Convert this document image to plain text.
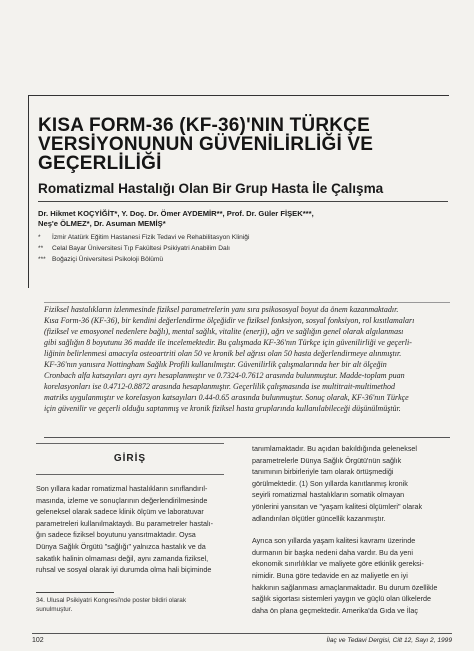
KISA FORM-36 (KF-36)'NIN TÜRKÇE
VERSİYONUNUN GÜVENİLİRLİĞİ VE
GEÇERLİLİĞİ
Romatizmal Hastalığı Olan Bir Grup Hasta İle Çalışma
Dr. Hikmet KOÇYİĞİT*, Y. Doç. Dr. Ömer AYDEMİR**, Prof. Dr. Güler FİŞEK***,
Neş'e ÖLMEZ*, Dr. Asuman MEMİŞ*
* İzmir Atatürk Eğitim Hastanesi Fizik Tedavi ve Rehabilitasyon Kliniği
** Celal Bayar Üniversitesi Tıp Fakültesi Psikiyatri Anabilim Dalı
*** Boğaziçi Üniversitesi Psikoloji Bölümü
Fiziksel hastalıkların izlenmesinde fiziksel parametrelerin yanı sıra psikososyal boyut da önem kazanmaktadır.
Kısa Form-36 (KF-36), bir kendini değerlendirme ölçeğidir ve fiziksel fonksiyon, sosyal fonksiyon, rol kısıtlamaları
(fiziksel ve emosyonel nedenlere bağlı), mental sağlık, vitalite (enerji), ağrı ve sağlığın genel olarak algılanması
gibi sağlığın 8 boyutunu 36 madde ile incelemektedir. Bu çalışmada KF-36'nın Türkçe için güvenilirliği ve geçerli-
liğinin belirlenmesi amacıyla osteoartriti olan 50 ve kronik bel ağrısı olan 50 hasta değerlendirmeye alınmıştır.
KF-36'nın yanısıra Nottingham Sağlık Profili kullanılmıştır. Güvenilirlik çalışmalarında her bir alt ölçeğin
Cronbach alfa katsayıları ayrı ayrı hesaplanmıştır ve 0.7324-0.7612 arasında bulunmuştur. Madde-toplam puan
korelasyonları ise 0.4712-0.8872 arasında hesaplanmıştır. Geçerlilik çalışmasında ise multitrait-multimethod
matriks uygulanmıştır ve korelasyon katsayıları 0.44-0.65 arasında bulunmuştur. Sonuç olarak, KF-36'nın Türkçe
için güvenilir ve geçerli olduğu saptanmış ve kronik fiziksel hasta gruplarında kullanılabileceği düşünülmüştür.
GİRİŞ
Son yıllara kadar romatizmal hastalıkların sınıflandırıl-
masında, izleme ve sonuçlarının değerlendirilmesinde
geleneksel olarak sadece klinik ölçüm ve laboratuvar
parametreleri kullanılmaktaydı. Bu parametreler hastalı-
ğın sadece fiziksel boyutunu yansıtmaktadır. Oysa
Dünya Sağlık Örgütü "sağlığı" yalnızca hastalık ve da
sakatlık halinin olmaması değil, aynı zamanda fiziksel,
ruhsal ve sosyal olarak iyi durumda olma hali biçiminde
34. Ulusal Psikiyatri Kongresi'nde poster bildiri olarak
sunulmuştur.
tanımlamaktadır. Bu açıdan bakıldığında geleneksel
parametrelerle Dünya Sağlık Örgütü'nün sağlık
tanımının birbirleriyle tam olarak örtüşmediği
görülmektedir. (1) Son yıllarda kanıtlanmış kronik
seyirli romatizmal hastalıkların somatik olmayan
yönlerini yansıtan ve "yaşam kalitesi ölçümleri" olarak
adlandırılan ölçütler güncellik kazanmıştır.
Ayrıca son yıllarda yaşam kalitesi kavramı üzerinde
durmanın bir başka nedeni daha vardır. Bu da yeni
ekonomik sınırlılıklar ve maliyete göre etkinlik gereksi-
nimidir. Buna göre tedavide en az maliyetle en iyi
hakkının sağlanması amaçlanmaktadır. Bu durum özellikle
sağlık sigortası sistemleri yaygın ve güçlü olan ülkelerde
daha ön plana geçmektedir. Amerika'da Gıda ve İlaç
102	İlaç ve Tedavi Dergisi, Cilt 12, Sayı 2, 1999
